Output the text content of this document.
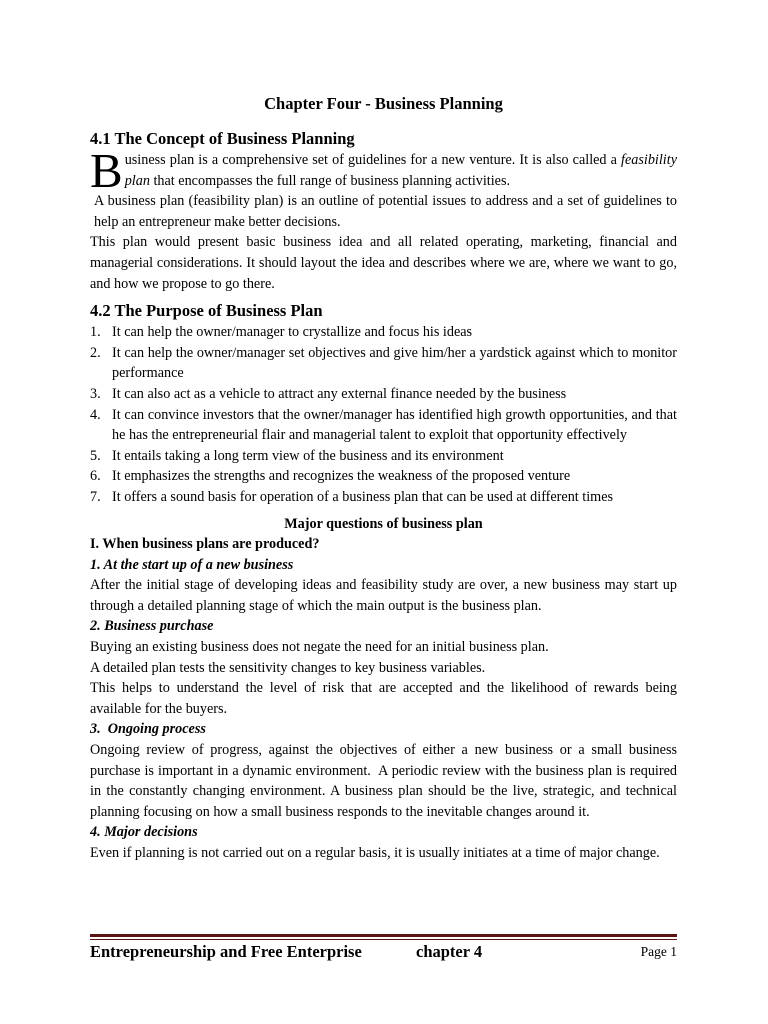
Chapter Four - Business Planning
4.1 The Concept of Business Planning

Business plan is a comprehensive set of guidelines for a new venture. It is also called a feasibility plan that encompasses the full range of business planning activities.

A business plan (feasibility plan) is an outline of potential issues to address and a set of guidelines to help an entrepreneur make better decisions.

This plan would present basic business idea and all related operating, marketing, financial and managerial considerations. It should layout the idea and describes where we are, where we want to go, and how we propose to go there.

4.2 The Purpose of Business Plan
1. It can help the owner/manager to crystallize and focus his ideas
2. It can help the owner/manager set objectives and give him/her a yardstick against which to monitor performance
3. It can also act as a vehicle to attract any external finance needed by the business
4. It can convince investors that the owner/manager has identified high growth opportunities, and that he has the entrepreneurial flair and managerial talent to exploit that opportunity effectively
5. It entails taking a long term view of the business and its environment
6. It emphasizes the strengths and recognizes the weakness of the proposed venture
7. It offers a sound basis for operation of a business plan that can be used at different times
Major questions of business plan
I. When business plans are produced?
1. At the start up of a new business

After the initial stage of developing ideas and feasibility study are over, a new business may start up through a detailed planning stage of which the main output is the business plan.

2. Business purchase

Buying an existing business does not negate the need for an initial business plan.

A detailed plan tests the sensitivity changes to key business variables.

This helps to understand the level of risk that are accepted and the likelihood of rewards being available for the buyers.

3.  Ongoing process

Ongoing review of progress, against the objectives of either a new business or a small business purchase is important in a dynamic environment.  A periodic review with the business plan is required in the constantly changing environment. A business plan should be the live, strategic, and technical planning focusing on how a small business responds to the inevitable changes around it.

4. Major decisions

Even if planning is not carried out on a regular basis, it is usually initiates at a time of major change.

Entrepreneurship and Free Enterprise	chapter 4	Page 1
